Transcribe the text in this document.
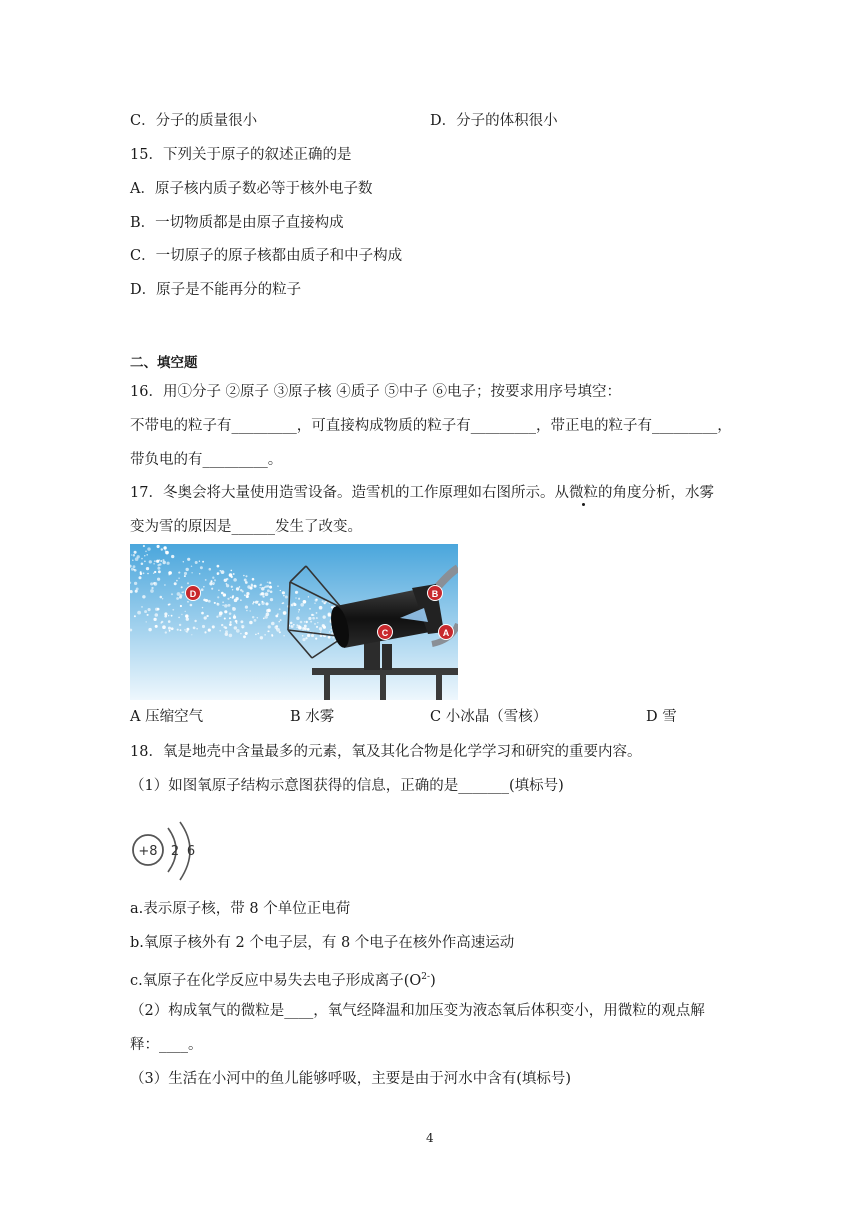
C．分子的质量很小	D．分子的体积很小
15．下列关于原子的叙述正确的是
A．原子核内质子数必等于核外电子数
B．一切物质都是由原子直接构成
C．一切原子的原子核都由质子和中子构成
D．原子是不能再分的粒子
二、填空题
16．用①分子 ②原子 ③原子核 ④质子 ⑤中子 ⑥电子；按要求用序号填空：
不带电的粒子有_________，可直接构成物质的粒子有_________，带正电的粒子有_________，
带负电的有_________。
17．冬奥会将大量使用造雪设备。造雪机的工作原理如右图所示。从微粒的角度分析，水雾
变为雪的原因是______发生了改变。
D
C
B
A
A 压缩空气	B 水雾	C 小冰晶（雪核）	D 雪
18．氧是地壳中含量最多的元素，氧及其化合物是化学学习和研究的重要内容。
（1）如图氧原子结构示意图获得的信息，正确的是_______(填标号)
+8 2 6
a.表示原子核，带 8 个单位正电荷
b.氧原子核外有 2 个电子层，有 8 个电子在核外作高速运动
c.氧原子在化学反应中易失去电子形成离子$(O^{2-})$
（2）构成氧气的微粒是____，氧气经降温和加压变为液态氧后体积变小，用微粒的观点解
释：____。
（3）生活在小河中的鱼儿能够呼吸，主要是由于河水中含有(填标号)
4
